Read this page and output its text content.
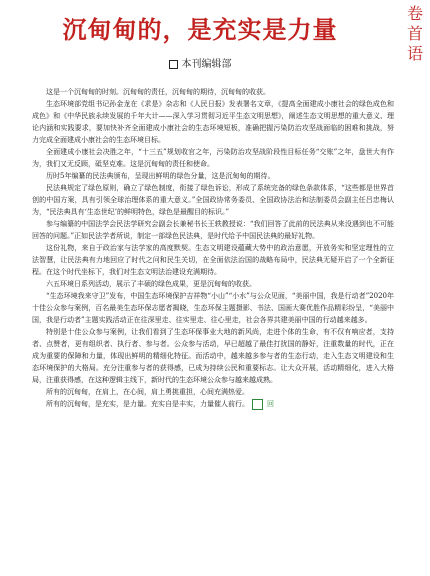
卷
首
语
沉甸甸的，是充实是力量
本刊编辑部

这是一个沉甸甸的时刻。沉甸甸的责任，沉甸甸的期待，沉甸甸的收获。

生态环境部党组书记孙金龙在《求是》杂志和《人民日报》发表署名文章，《提高全面建成小康社会的绿色成色和成色》和《中华民族永续发展的千年大计——深入学习贯彻习近平生态文明思想》，阐述生态文明思想的重大意义、理论内涵和实践要求，要加快补齐全面建成小康社会的生态环境短板，准确把握污染防治攻坚战面临的困难和挑战，努力完成全面建成小康社会的生态环境目标。

全面建成小康社会决胜之年，“十三五”规划收官之年，污染防治攻坚战阶段性目标任务“交账”之年，盘世大有作为，我们又无反顾，砥坚克难。这是沉甸甸的责任和使命。

历时5年编纂的民法典颁布，呈现出鲜明的绿色分量，这是沉甸甸的期待。

民法典规定了绿色原则，确立了绿色制度，衔接了绿色诉讼，形成了系统完备的绿色条款体系，“这些都是世界首创的中国方案，具有引领全球治理体系的重大意义。”全国政协常务委员、全国政协法治和法制委员会副主任吕忠梅认为，“民法典具有‘生态世纪’的鲜明特色，绿色是最醒目的标识。”

参与编纂的中国法学会民法学研究会副会长兼秘书长王轶教授说：“我们回答了此前的民法典从来没遇到也不可能回答的问题。”正如民法学者所说，制定一部绿色民法典，是时代给予中国民法典的最好礼物。

这份礼物，来自于政治家与法学家的高度默契。生态文明建设蕴藏大势中的政治意愿，开放务实和坚定理性的立法智慧，让民法典有力地回应了时代之问和民生关切，在全面依法治国的战略布局中，民法典无疑开启了一个全新征程。在这个时代坐标下，我们对生态文明法治建设充满期待。

六五环境日系列活动，展示了丰硕的绿色成果，更是沉甸甸的收获。

“生态环境我来守卫”发布，中国生态环境保护吉祥物“小山”“小水”与公众见面，“美丽中国，我是行动者”2020年十佳公众参与案例，百名最美生态环保志愿者揭晓，生态环保主题摄影、书法、国画大赛优胜作品精彩纷呈，“美丽中国，我是行动者”主题实践活动正在往深里走、往实里走、往心里走，社会各界共建美丽中国的行动越来越多。

特别是十佳公众参与案例，让我们看到了生态环保事业大地的新风尚，走进个体的生命，有不仅有响应者，支持者、点赞者，更有组织者、执行者、参与者。公众参与活动，早已超越了最佳打扰国的静好，注重数量的时代，正在成为重要的保障和力量，体现出鲜明的精细化特征。而活动中，越来越多参与者的生态行动，走入生态文明建设和生态环境保护的大格局。充分注重参与者的获得感，已成为持续公民和重要标志。让大众开展，活动精细化，进入大格局，注重获得感，在这种逻辑主线下，新时代的生态环境公众参与越来越成熟。

所有的沉甸甸，在肩上，在心间，肩上勇挑重担，心间充满热爱。

所有的沉甸甸，是充实，是力量。充实自是丰实，力量催人前行。	回
